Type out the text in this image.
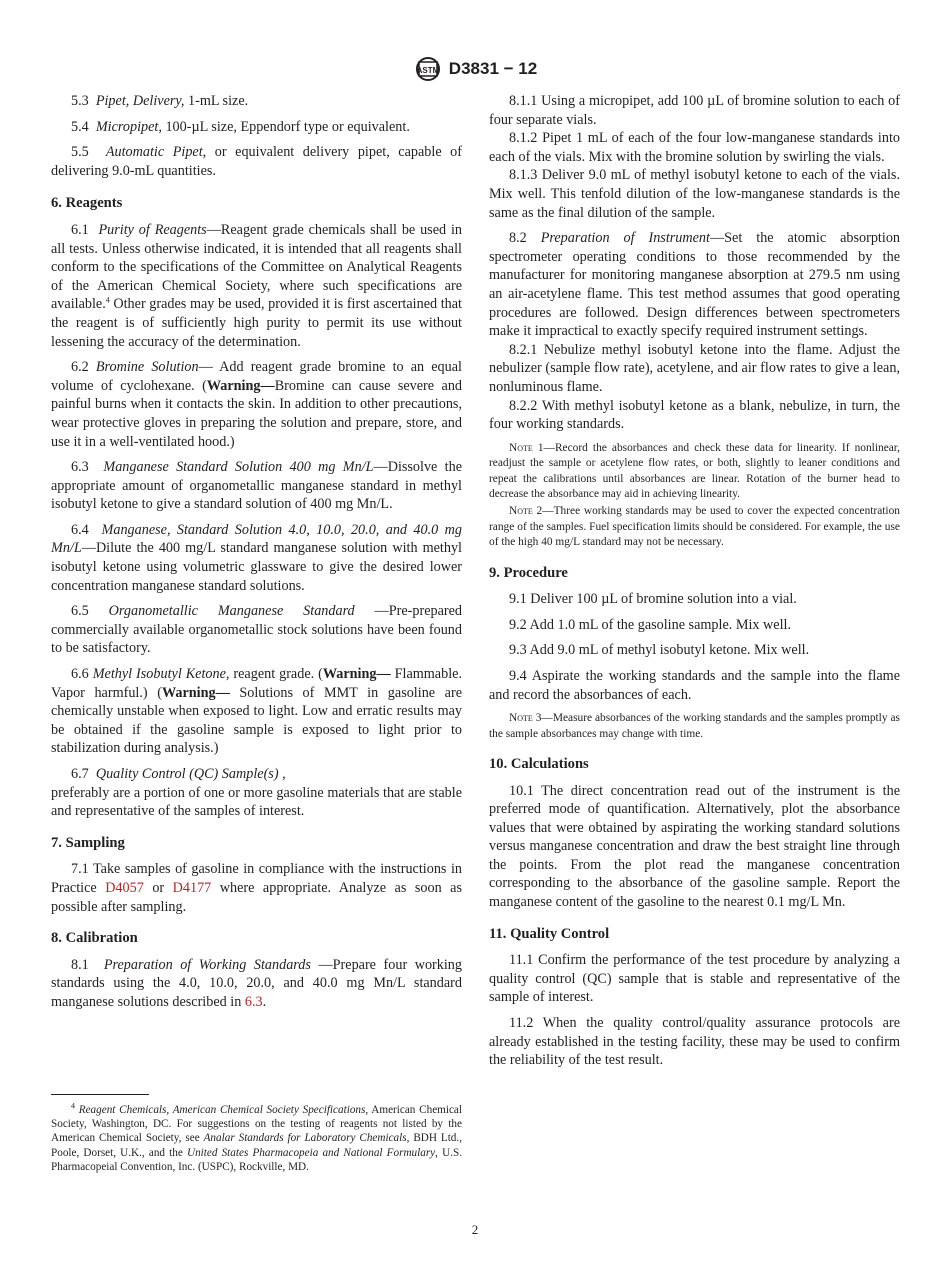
ASTM D3831 − 12

5.3 Pipet, Delivery, 1-mL size.

5.4 Micropipet, 100-µL size, Eppendorf type or equivalent.

5.5 Automatic Pipet, or equivalent delivery pipet, capable of delivering 9.0-mL quantities.

6. Reagents

6.1 Purity of Reagents—Reagent grade chemicals shall be used in all tests. Unless otherwise indicated, it is intended that all reagents shall conform to the specifications of the Committee on Analytical Reagents of the American Chemical Society, where such specifications are available.$^4$ Other grades may be used, provided it is first ascertained that the reagent is of sufficiently high purity to permit its use without lessening the accuracy of the determination.

6.2 Bromine Solution— Add reagent grade bromine to an equal volume of cyclohexane. (Warning—Bromine can cause severe and painful burns when it contacts the skin. In addition to other precautions, wear protective gloves in preparing the solution and prepare, store, and use it in a well-ventilated hood.)

6.3 Manganese Standard Solution 400 mg Mn/L—Dissolve the appropriate amount of organometallic manganese standard in methyl isobutyl ketone to give a standard solution of 400 mg Mn/L.

6.4 Manganese, Standard Solution 4.0, 10.0, 20.0, and 40.0 mg Mn/L—Dilute the 400 mg/L standard manganese solution with methyl isobutyl ketone using volumetric glassware to give the desired lower concentration manganese standard solutions.

6.5 Organometallic Manganese Standard —Pre-prepared commercially available organometallic stock solutions have been found to be satisfactory.

6.6 Methyl Isobutyl Ketone, reagent grade. (Warning— Flammable. Vapor harmful.) (Warning— Solutions of MMT in gasoline are chemically unstable when exposed to light. Low and erratic results may be obtained if the gasoline sample is exposed to light prior to stabilization during analysis.)

6.7 Quality Control (QC) Sample(s) ,

preferably are a portion of one or more gasoline materials that are stable and representative of the samples of interest.

7. Sampling

7.1 Take samples of gasoline in compliance with the instructions in Practice D4057 or D4177 where appropriate. Analyze as soon as possible after sampling.

8. Calibration

8.1 Preparation of Working Standards —Prepare four working standards using the 4.0, 10.0, 20.0, and 40.0 mg Mn/L standard manganese solutions described in 6.3.

$^4$ Reagent Chemicals, American Chemical Society Specifications, American Chemical Society, Washington, DC. For suggestions on the testing of reagents not listed by the American Chemical Society, see Analar Standards for Laboratory Chemicals, BDH Ltd., Poole, Dorset, U.K., and the United States Pharmacopeia and National Formulary, U.S. Pharmacopeial Convention, Inc. (USPC), Rockville, MD.

8.1.1 Using a micropipet, add 100 µL of bromine solution to each of four separate vials.

8.1.2 Pipet 1 mL of each of the four low-manganese standards into each of the vials. Mix with the bromine solution by swirling the vials.

8.1.3 Deliver 9.0 mL of methyl isobutyl ketone to each of the vials. Mix well. This tenfold dilution of the low-manganese standards is the same as the final dilution of the sample.

8.2 Preparation of Instrument—Set the atomic absorption spectrometer operating conditions to those recommended by the manufacturer for monitoring manganese absorption at 279.5 nm using an air-acetylene flame. This test method assumes that good operating procedures are followed. Design differences between spectrometers make it impractical to exactly specify required instrument settings.

8.2.1 Nebulize methyl isobutyl ketone into the flame. Adjust the nebulizer (sample flow rate), acetylene, and air flow rates to give a lean, nonluminous flame.

8.2.2 With methyl isobutyl ketone as a blank, nebulize, in turn, the four working standards.

Note 1—Record the absorbances and check these data for linearity. If nonlinear, readjust the sample or acetylene flow rates, or both, slightly to leaner conditions and repeat the calibrations until absorbances are linear. Rotation of the burner head to decrease the absorbance may aid in achieving linearity.
Note 2—Three working standards may be used to cover the expected concentration range of the samples. Fuel specification limits should be considered. For example, the use of the high 40 mg/L standard may not be necessary.
9. Procedure

9.1 Deliver 100 µL of bromine solution into a vial.

9.2 Add 1.0 mL of the gasoline sample. Mix well.

9.3 Add 9.0 mL of methyl isobutyl ketone. Mix well.

9.4 Aspirate the working standards and the sample into the flame and record the absorbances of each.

Note 3—Measure absorbances of the working standards and the samples promptly as the sample absorbances may change with time.
10. Calculations

10.1 The direct concentration read out of the instrument is the preferred mode of quantification. Alternatively, plot the absorbance values that were obtained by aspirating the working standard solutions versus manganese concentration and draw the best straight line through the points. From the plot read the manganese concentration corresponding to the absorbance of the gasoline sample. Report the manganese content of the gasoline to the nearest 0.1 mg/L Mn.

11. Quality Control

11.1 Confirm the performance of the test procedure by analyzing a quality control (QC) sample that is stable and representative of the sample of interest.

11.2 When the quality control/quality assurance protocols are already established in the testing facility, these may be used to confirm the reliability of the test result.

2
